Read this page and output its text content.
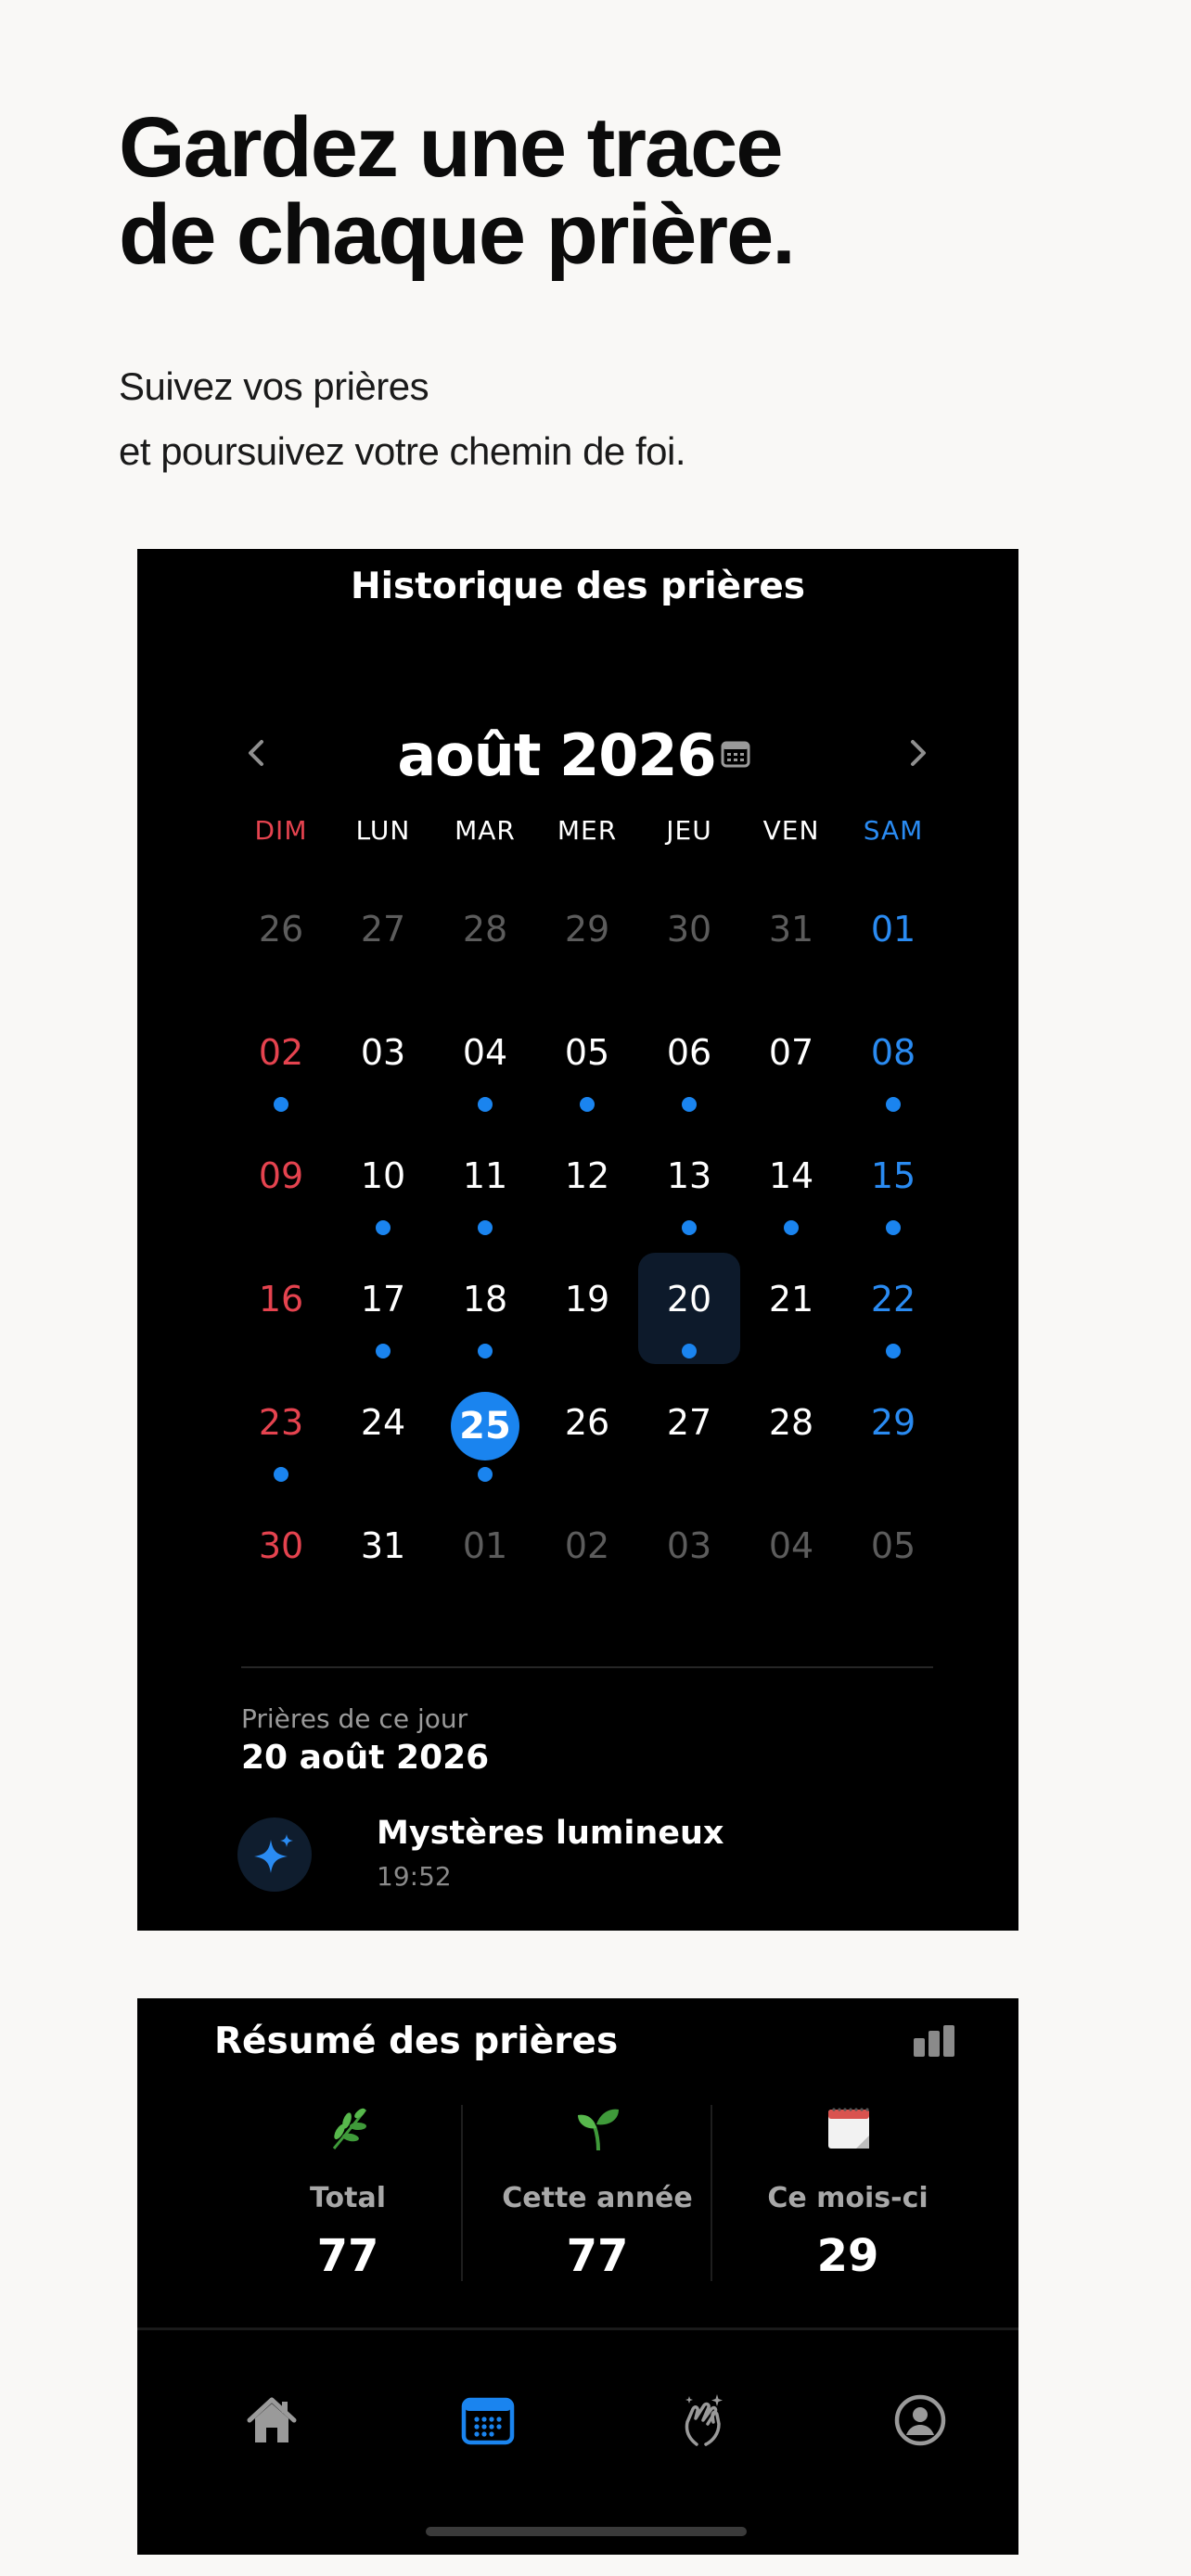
Gardez une trace
de chaque prière.

Suivez vos prières
et poursuivez votre chemin de foi.

Historique des prières
août 2026
DIM	LUN	MAR	MER	JEU	VEN	SAM
26	27	28	29	30	31	01
02	03	04	05	06	07	08
09	10	11	12	13	14	15
16	17	18	19	20	21	22
23	24	25	26	27	28	29
30	31	01	02	03	04	05
Prières de ce jour
20 août 2026
Mystères lumineux
19:52
Résumé des prières
Total
77
Cette année
77
Ce mois-ci
29
